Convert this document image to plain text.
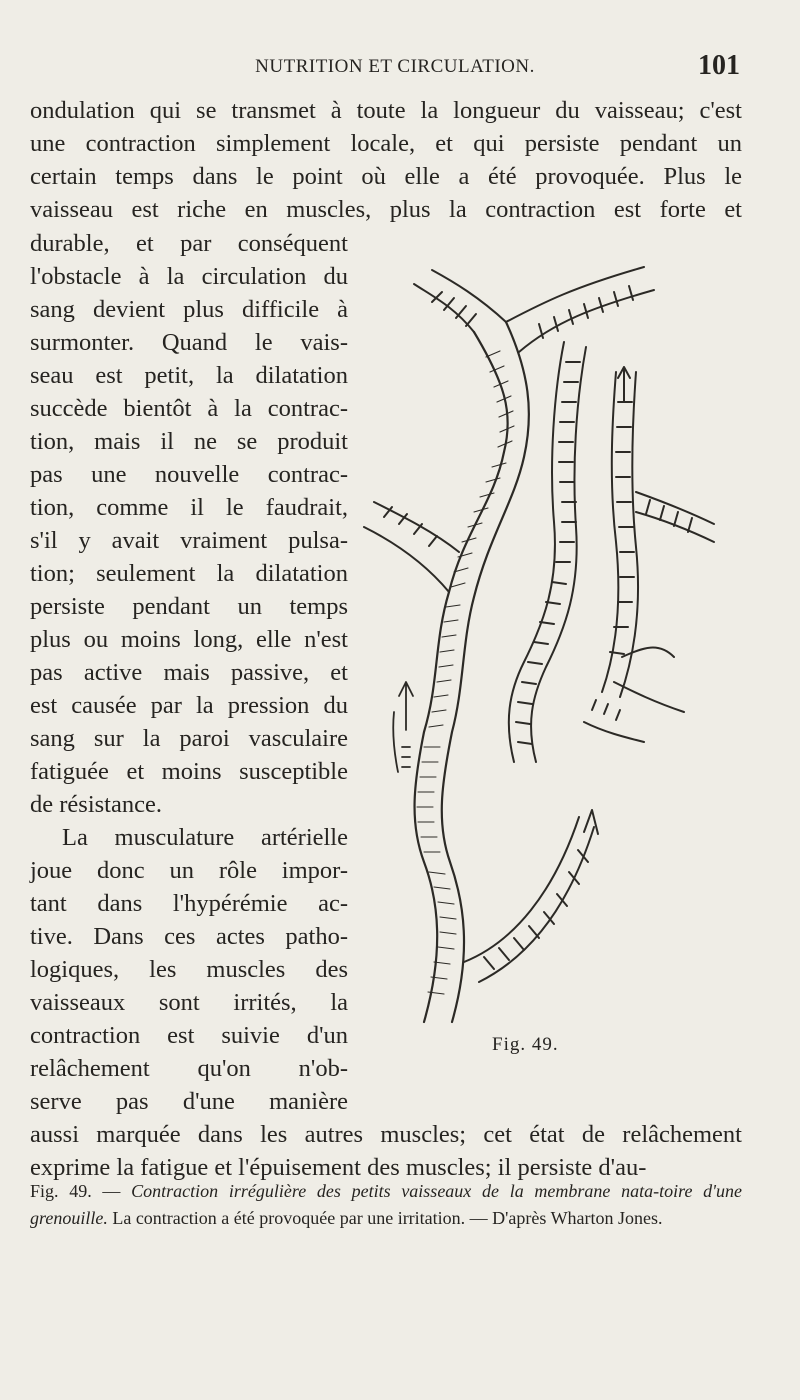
NUTRITION ET CIRCULATION.	101
ondulation qui se transmet à toute la longueur du vaisseau; c'est
une contraction simplement locale, et qui persiste pendant un
certain temps dans le point où elle a été provoquée. Plus le
vaisseau est riche en muscles, plus la contraction est forte et
durable, et par conséquent
l'obstacle à la circulation du
sang devient plus difficile à
surmonter. Quand le vais-
seau est petit, la dilatation
succède bientôt à la contrac-
tion, mais il ne se produit
pas une nouvelle contrac-
tion, comme il le faudrait,
s'il y avait vraiment pulsa-
tion; seulement la dilatation
persiste pendant un temps
plus ou moins long, elle n'est
pas active mais passive, et
est causée par la pression du
sang sur la paroi vasculaire
fatiguée et moins susceptible
de résistance.
La musculature artérielle
joue donc un rôle impor-
tant dans l'hypérémie ac-
tive. Dans ces actes patho-
logiques, les muscles des
vaisseaux sont irrités, la
contraction est suivie d'un
relâchement qu'on n'ob-
serve pas d'une manière
aussi marquée dans les autres muscles; cet état de relâchement
exprime la fatigue et l'épuisement des muscles; il persiste d'au-
Fig. 49.
Fig. 49. — Contraction irrégulière des petits vaisseaux de la membrane nata-toire d'une grenouille. La contraction a été provoquée par une irritation. — D'après Wharton Jones.
